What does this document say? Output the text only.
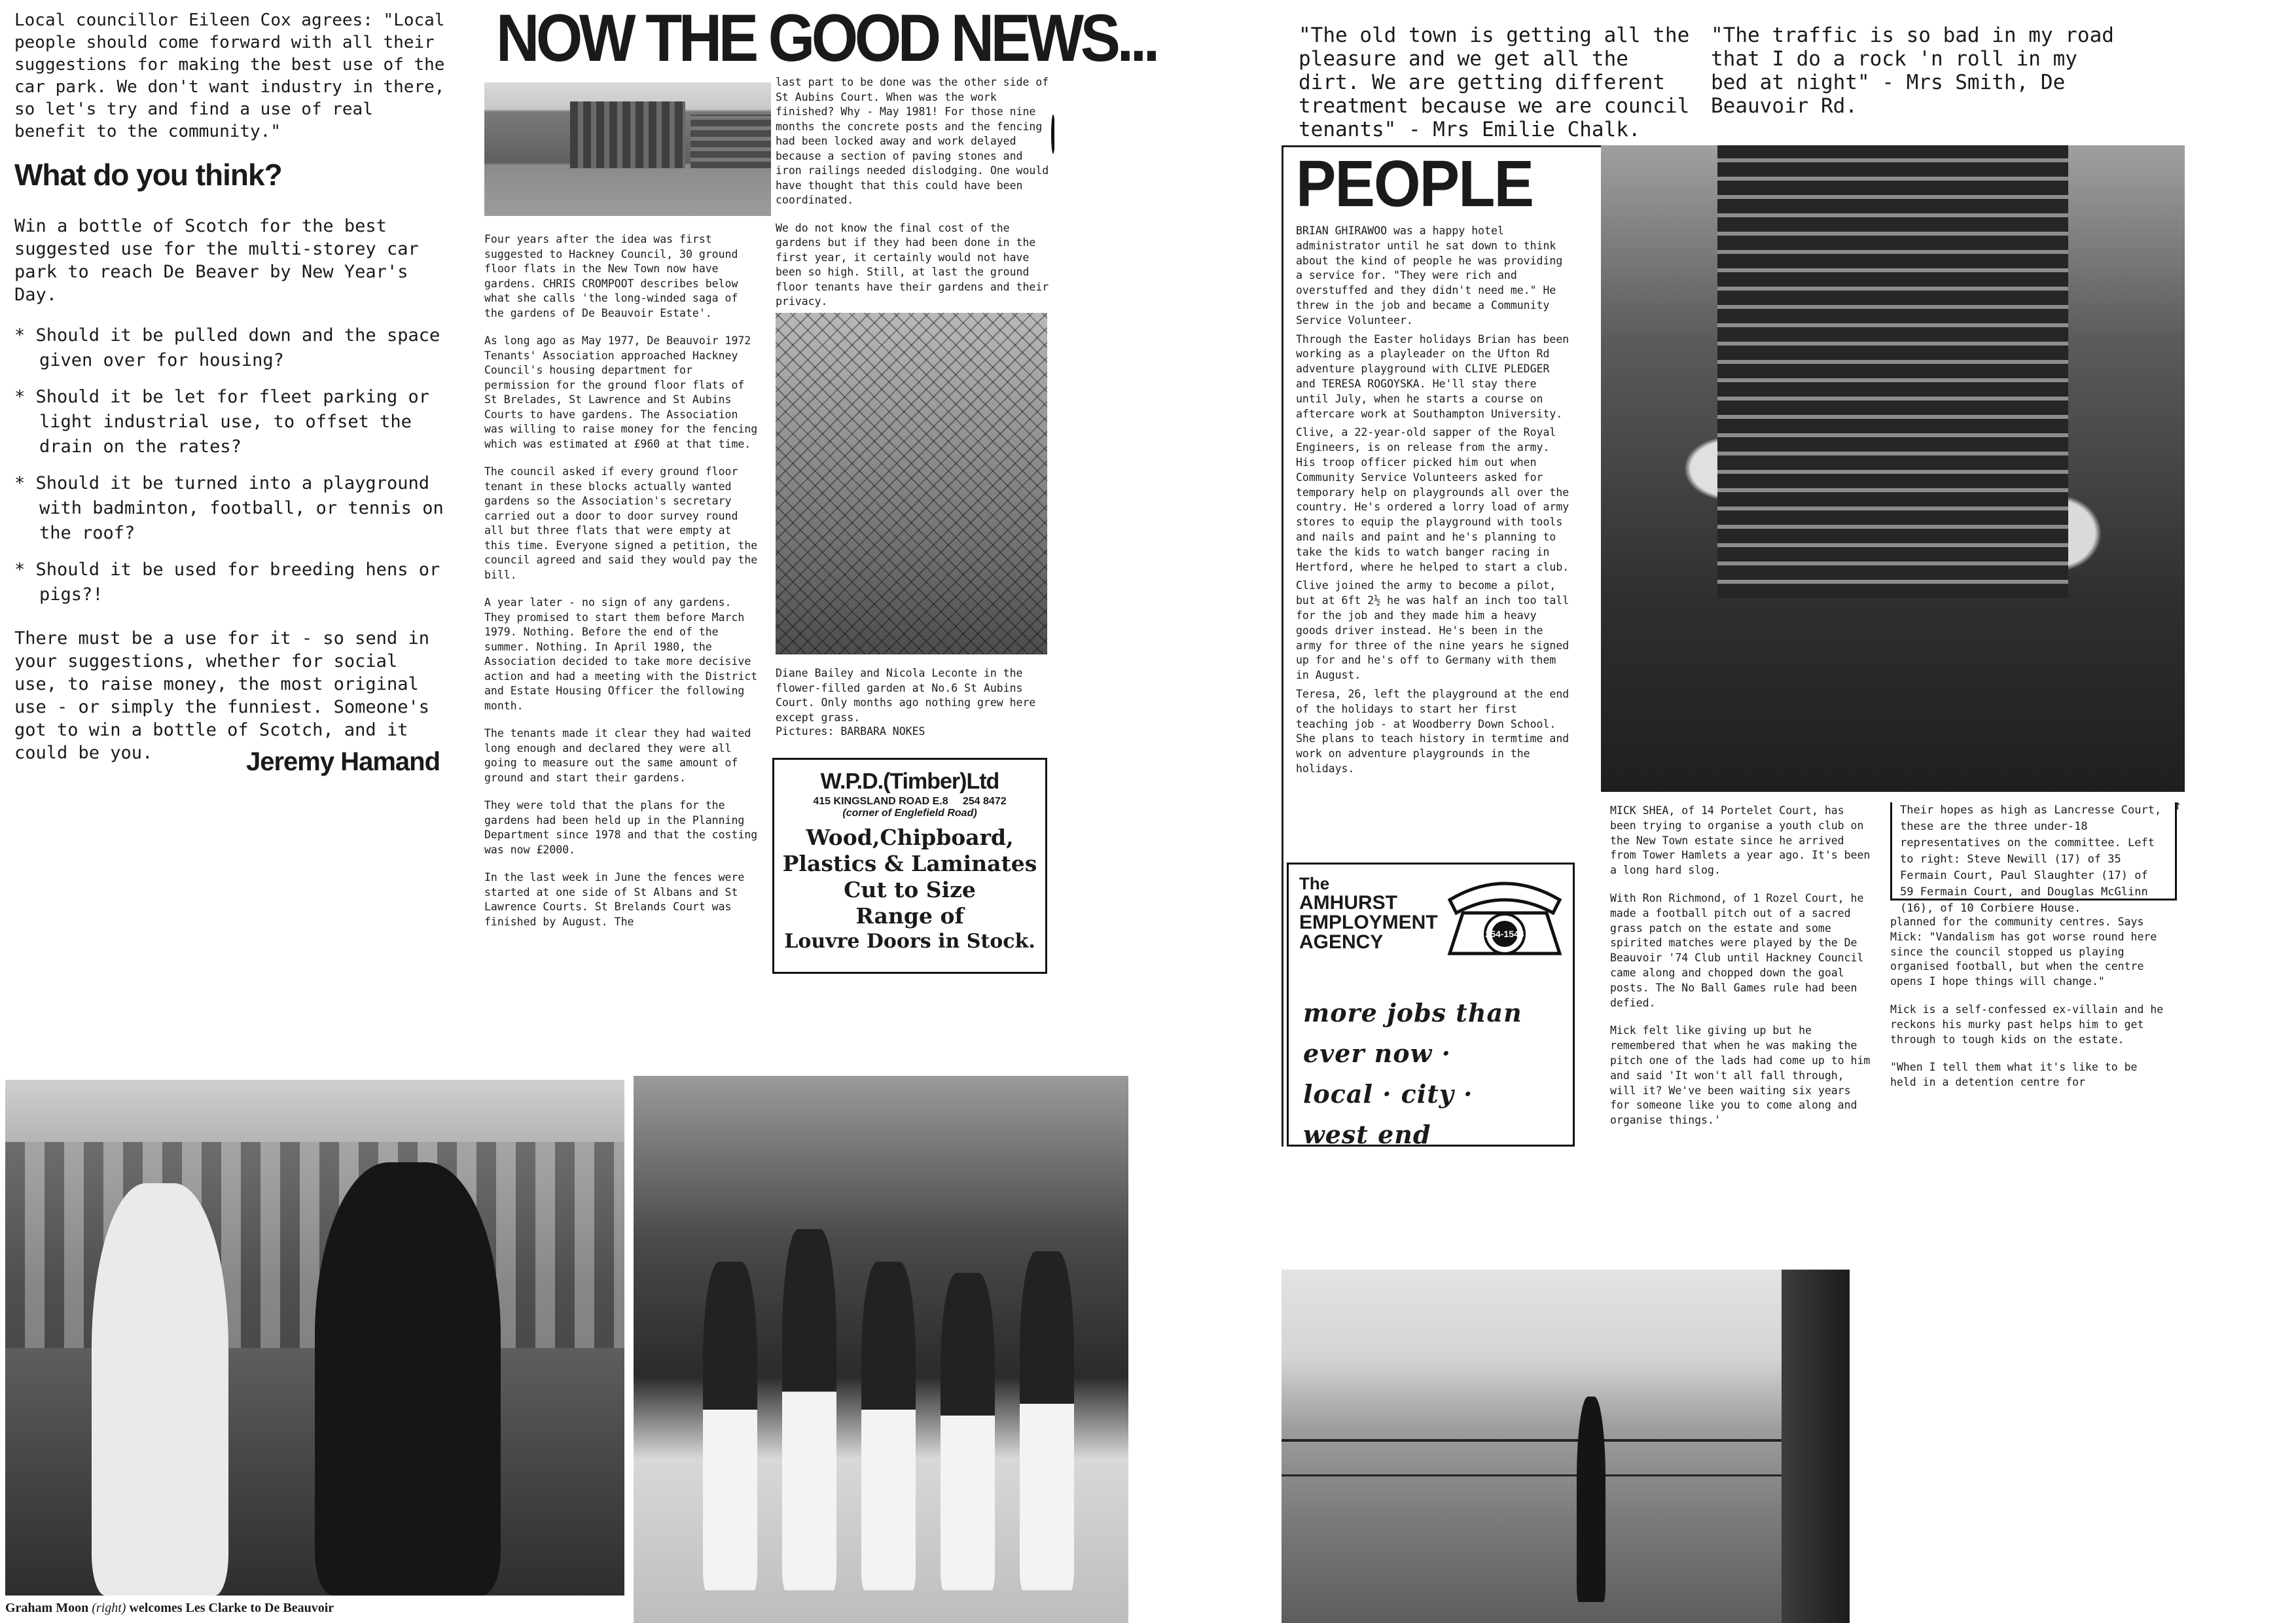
Local councillor Eileen Cox agrees: "Local people should come forward with all their suggestions for making the best use of the car park. We don't want industry in there, so let's try and find a use of real benefit to the community."

What do you think?

Win a bottle of Scotch for the best suggested use for the multi-storey car park to reach De Beaver by New Year's Day.

* Should it be pulled down and the space given over for housing?
* Should it be let for fleet parking or light industrial use, to offset the drain on the rates?
* Should it be turned into a playground with badminton, football, or tennis on the roof?
* Should it be used for breeding hens or pigs?!

There must be a use for it - so send in your suggestions, whether for social use, to raise money, the most original use - or simply the funniest. Someone's got to win a bottle of Scotch, and it could be you.	Jeremy Hamand
NOW THE GOOD NEWS...

Four years after the idea was first suggested to Hackney Council, 30 ground floor flats in the New Town now have gardens. CHRIS CROMPOOT describes below what she calls 'the long-winded saga of the gardens of De Beauvoir Estate'.

As long ago as May 1977, De Beauvoir 1972 Tenants' Association approached Hackney Council's housing department for permission for the ground floor flats of St Brelades, St Lawrence and St Aubins Courts to have gardens. The Association was willing to raise money for the fencing which was estimated at £960 at that time.

The council asked if every ground floor tenant in these blocks actually wanted gardens so the Association's secretary carried out a door to door survey round all but three flats that were empty at this time. Everyone signed a petition, the council agreed and said they would pay the bill.

A year later - no sign of any gardens. They promised to start them before March 1979. Nothing. Before the end of the summer. Nothing. In April 1980, the Association decided to take more decisive action and had a meeting with the District and Estate Housing Officer the following month.

The tenants made it clear they had waited long enough and declared they were all going to measure out the same amount of ground and start their gardens.

They were told that the plans for the gardens had been held up in the Planning Department since 1978 and that the costing was now £2000.

In the last week in June the fences were started at one side of St Albans and St Lawrence Courts. St Brelands Court was finished by August. The

last part to be done was the other side of St Aubins Court. When was the work finished? Why - May 1981! For those nine months the concrete posts and the fencing had been locked away and work delayed because a section of paving stones and iron railings needed dislodging. One would have thought that this could have been coordinated.

We do not know the final cost of the gardens but if they had been done in the first year, it certainly would not have been so high. Still, at last the ground floor tenants have their gardens and their privacy.

Diane Bailey and Nicola Leconte in the flower-filled garden at No.6 St Aubins Court. Only months ago nothing grew here except grass.
Pictures: BARBARA NOKES
W.P.D.(Timber)Ltd
415 KINGSLAND ROAD E.8 254 8472
(corner of Englefield Road)
Wood,Chipboard,
Plastics & Laminates
Cut to Size
Range of
Louvre Doors in Stock.
"The old town is getting all the pleasure and we get all the dirt. We are getting different treatment because we are council tenants" - Mrs Emilie Chalk.
"The traffic is so bad in my road that I do a rock 'n roll in my bed at night" - Mrs Smith, De Beauvoir Rd.
PEOPLE

BRIAN GHIRAWOO was a happy hotel administrator until he sat down to think about the kind of people he was providing a service for. "They were rich and overstuffed and they didn't need me." He threw in the job and became a Community Service Volunteer.

Through the Easter holidays Brian has been working as a playleader on the Ufton Rd adventure playground with CLIVE PLEDGER and TERESA ROGOYSKA. He'll stay there until July, when he starts a course on aftercare work at Southampton University.

Clive, a 22-year-old sapper of the Royal Engineers, is on release from the army. His troop officer picked him out when Community Service Volunteers asked for temporary help on playgrounds all over the country. He's ordered a lorry load of army stores to equip the playground with tools and nails and paint and he's planning to take the kids to watch banger racing in Hertford, where he helped to start a club.

Clive joined the army to become a pilot, but at 6ft 2½ he was half an inch too tall for the job and they made him a heavy goods driver instead. He's been in the army for three of the nine years he signed up for and he's off to Germany with them in August.

Teresa, 26, left the playground at the end of the holidays to start her first teaching job - at Woodberry Down School. She plans to teach history in termtime and work on adventure playgrounds in the holidays.

The
AMHURST
EMPLOYMENT
AGENCY	254-1543
more jobs than
ever now ·
local · city ·
west end

MICK SHEA, of 14 Portelet Court, has been trying to organise a youth club on the New Town estate since he arrived from Tower Hamlets a year ago. It's been a long hard slog.

With Ron Richmond, of 1 Rozel Court, he made a football pitch out of a sacred grass patch on the estate and some spirited matches were played by the De Beauvoir '74 Club until Hackney Council came along and chopped down the goal posts. The No Ball Games rule had been defied.

Mick felt like giving up but he remembered that when he was making the pitch one of the lads had come up to him and said 'It won't all fall through, will it? We've been waiting six years for someone like you to come along and organise things.'

Their hopes as high as Lancresse Court, these are the three under-18 representatives on the committee. Left to right: Steve Newill (17) of 35 Fermain Court, Paul Slaughter (17) of 59 Fermain Court, and Douglas McGlinn (16), of 10 Corbiere House.
↑

planned for the community centres. Says Mick: "Vandalism has got worse round here since the council stopped us playing organised football, but when the centre opens I hope things will change."

Mick is a self-confessed ex-villain and he reckons his murky past helps him to get through to tough kids on the estate.

"When I tell them what it's like to be held in a detention centre for

Graham Moon (right) welcomes Les Clarke to De Beauvoir
